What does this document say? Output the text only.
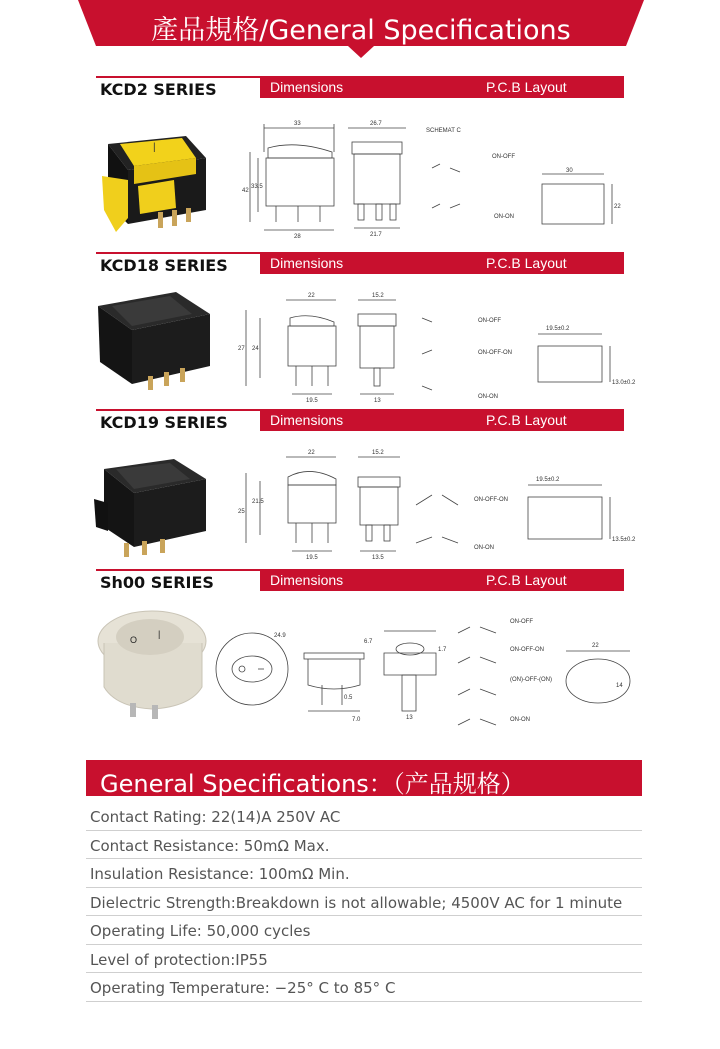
產品規格/General Specifications
KCD2 SERIES	Dimensions	P.C.B Layout
|
33	26.7
42
33.5
28	21.7
30
22
SCHEMAT C
ON-OFF
ON-ON
KCD18 SERIES	Dimensions	P.C.B Layout
22	15.2
27 24
19.5	13
19.5±0.2
13.0±0.2
ON-OFF
ON-OFF-ON
ON-ON
KCD19 SERIES	Dimensions	P.C.B Layout
22	15.2
25
21.5
19.5	13.5
19.5±0.2
13.5±0.2
ON-OFF-ON
ON-ON
Sh00 SERIES	Dimensions	P.C.B Layout
O
|	24.9
6.7
1.7
0.5
7.0	13
22
14
ON-OFF
ON-OFF-ON
(ON)-OFF-(ON)
ON-ON
General Specifications：（产品规格）
Contact Rating: 22(14)A 250V AC
Contact Resistance: 50mΩ Max.
Insulation Resistance: 100mΩ Min.
Dielectric Strength:Breakdown is not allowable; 4500V AC for 1 minute
Operating Life: 50,000 cycles
Level of protection:IP55
Operating Temperature: −25° C to 85° C
